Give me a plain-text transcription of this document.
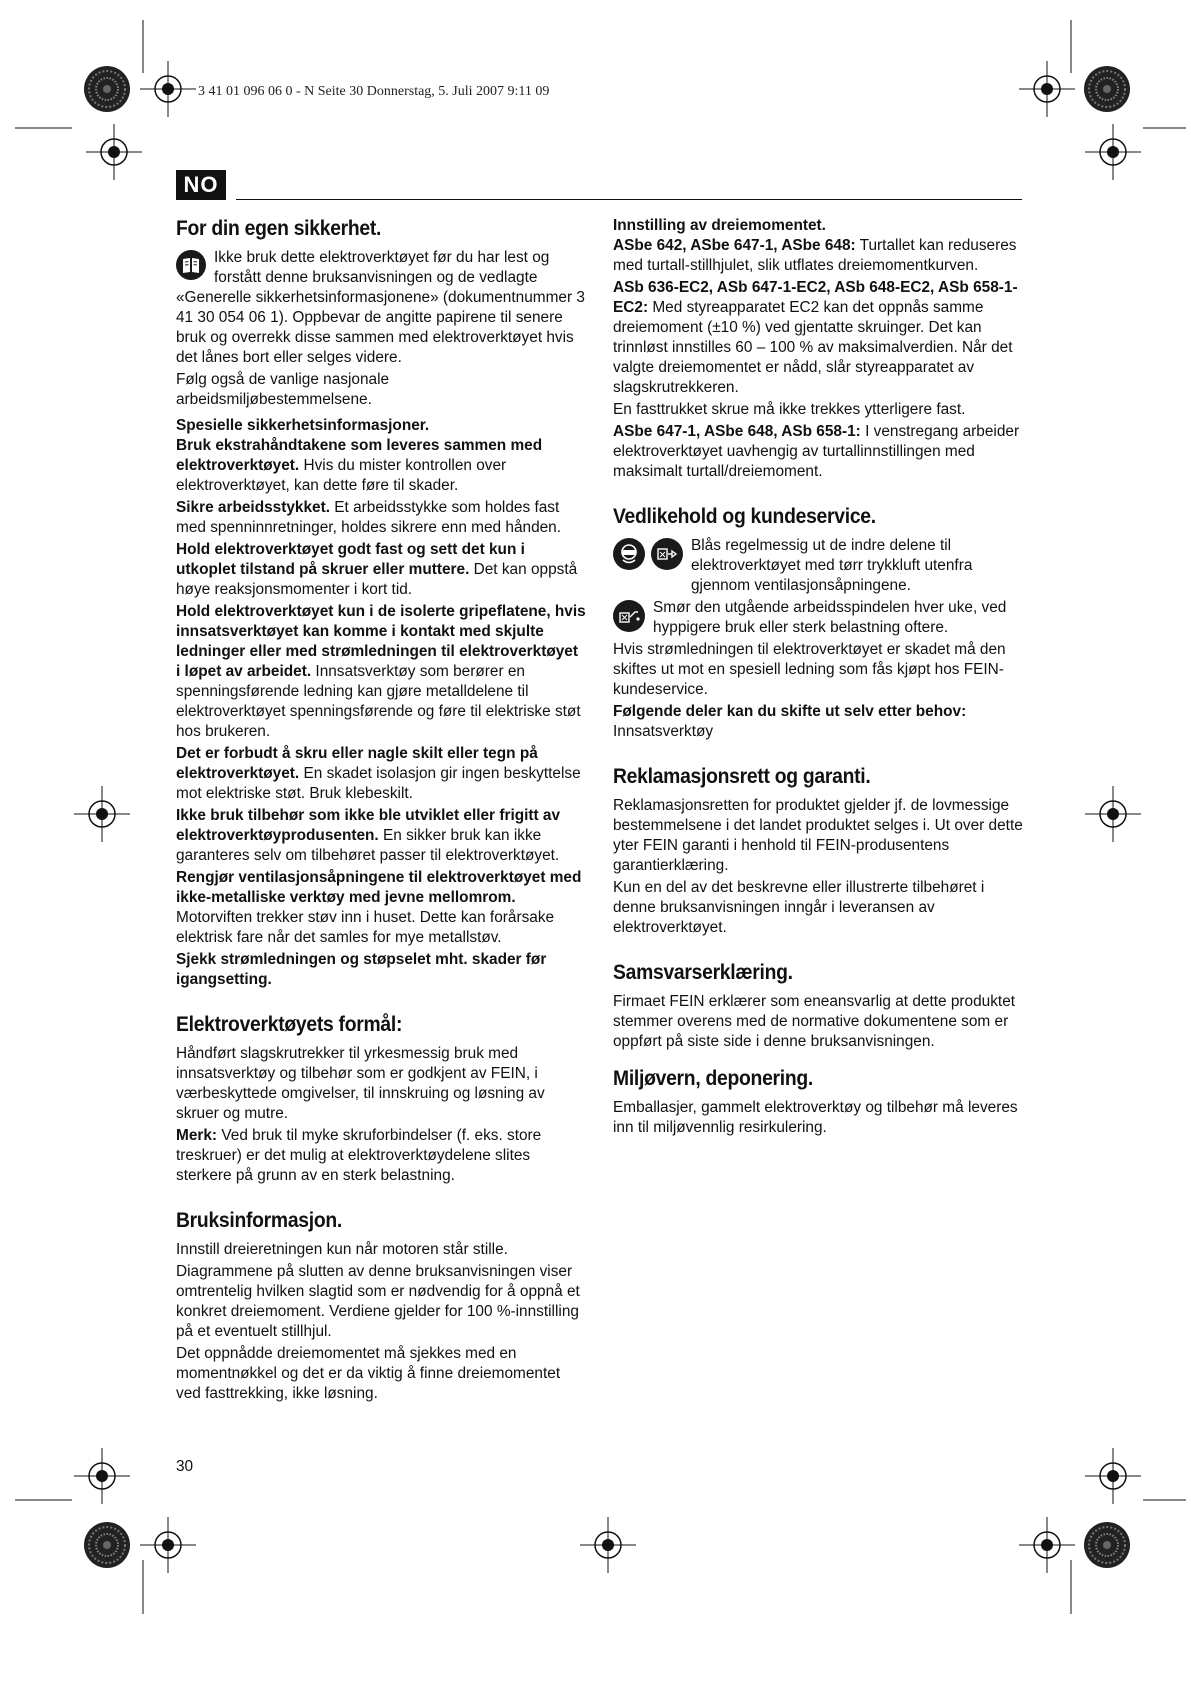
3 41 01 096 06 0 - N Seite 30 Donnerstag, 5. Juli 2007 9:11 09
NO
For din egen sikkerhet.

Ikke bruk dette elektroverktøyet før du har lest og forstått denne bruksanvisningen og de vedlagte «Generelle sikkerhetsinformasjonene» (dokumentnummer 3 41 30 054 06 1). Oppbevar de angitte papirene til senere bruk og overrekk disse sammen med elektroverktøyet hvis det lånes bort eller selges videre.

Følg også de vanlige nasjonale arbeidsmiljøbestemmelsene.

Spesielle sikkerhetsinformasjoner.

Bruk ekstrahåndtakene som leveres sammen med elektroverktøyet. Hvis du mister kontrollen over elektroverktøyet, kan dette føre til skader.

Sikre arbeidsstykket. Et arbeidsstykke som holdes fast med spenninnretninger, holdes sikrere enn med hånden.

Hold elektroverktøyet godt fast og sett det kun i utkoplet tilstand på skruer eller muttere. Det kan oppstå høye reaksjonsmomenter i kort tid.

Hold elektroverktøyet kun i de isolerte gripeflatene, hvis innsatsverktøyet kan komme i kontakt med skjulte ledninger eller med strømledningen til elektroverktøyet i løpet av arbeidet. Innsatsverktøy som berører en spenningsførende ledning kan gjøre metalldelene til elektroverktøyet spenningsførende og føre til elektriske støt hos brukeren.

Det er forbudt å skru eller nagle skilt eller tegn på elektroverktøyet. En skadet isolasjon gir ingen beskyttelse mot elektriske støt. Bruk klebeskilt.

Ikke bruk tilbehør som ikke ble utviklet eller frigitt av elektroverktøyprodusenten. En sikker bruk kan ikke garanteres selv om tilbehøret passer til elektroverktøyet.

Rengjør ventilasjonsåpningene til elektroverktøyet med ikke-metalliske verktøy med jevne mellomrom. Motorviften trekker støv inn i huset. Dette kan forårsake elektrisk fare når det samles for mye metallstøv.

Sjekk strømledningen og støpselet mht. skader før igangsetting.

Elektroverktøyets formål:

Håndført slagskrutrekker til yrkesmessig bruk med innsatsverktøy og tilbehør som er godkjent av FEIN, i værbeskyttede omgivelser, til innskruing og løsning av skruer og mutre.

Merk: Ved bruk til myke skruforbindelser (f. eks. store treskruer) er det mulig at elektroverktøydelene slites sterkere på grunn av en sterk belastning.

Bruksinformasjon.

Innstill dreieretningen kun når motoren står stille.

Diagrammene på slutten av denne bruksanvisningen viser omtrentelig hvilken slagtid som er nødvendig for å oppnå et konkret dreiemoment. Verdiene gjelder for 100 %-innstilling på et eventuelt stillhjul.

Det oppnådde dreiemomentet må sjekkes med en momentnøkkel og det er da viktig å finne dreiemomentet ved fasttrekking, ikke løsning.

Innstilling av dreiemomentet.

ASbe 642, ASbe 647-1, ASbe 648: Turtallet kan reduseres med turtall-stillhjulet, slik utflates dreiemomentkurven.

ASb 636-EC2, ASb 647-1-EC2, ASb 648-EC2, ASb 658-1-EC2: Med styreapparatet EC2 kan det oppnås samme dreiemoment (±10 %) ved gjentatte skruinger. Det kan trinnløst innstilles 60 – 100 % av maksimalverdien. Når det valgte dreiemomentet er nådd, slår styreapparatet av slagskrutrekkeren.

En fasttrukket skrue må ikke trekkes ytterligere fast.

ASbe 647-1, ASbe 648, ASb 658-1: I venstregang arbeider elektroverktøyet uavhengig av turtallinnstillingen med maksimalt turtall/dreiemoment.

Vedlikehold og kundeservice.

Blås regelmessig ut de indre delene til elektroverktøyet med tørr trykkluft utenfra gjennom ventilasjonsåpningene.

Smør den utgående arbeidsspindelen hver uke, ved hyppigere bruk eller sterk belastning oftere.

Hvis strømledningen til elektroverktøyet er skadet må den skiftes ut mot en spesiell ledning som fås kjøpt hos FEIN-kundeservice.

Følgende deler kan du skifte ut selv etter behov: Innsatsverktøy

Reklamasjonsrett og garanti.

Reklamasjonsretten for produktet gjelder jf. de lovmessige bestemmelsene i det landet produktet selges i. Ut over dette yter FEIN garanti i henhold til FEIN-produsentens garantierklæring.

Kun en del av det beskrevne eller illustrerte tilbehøret i denne bruksanvisningen inngår i leveransen av elektroverktøyet.

Samsvarserklæring.

Firmaet FEIN erklærer som eneansvarlig at dette produktet stemmer overens med de normative dokumentene som er oppført på siste side i denne bruksanvisningen.

Miljøvern, deponering.

Emballasjer, gammelt elektroverktøy og tilbehør må leveres inn til miljøvennlig resirkulering.

30
